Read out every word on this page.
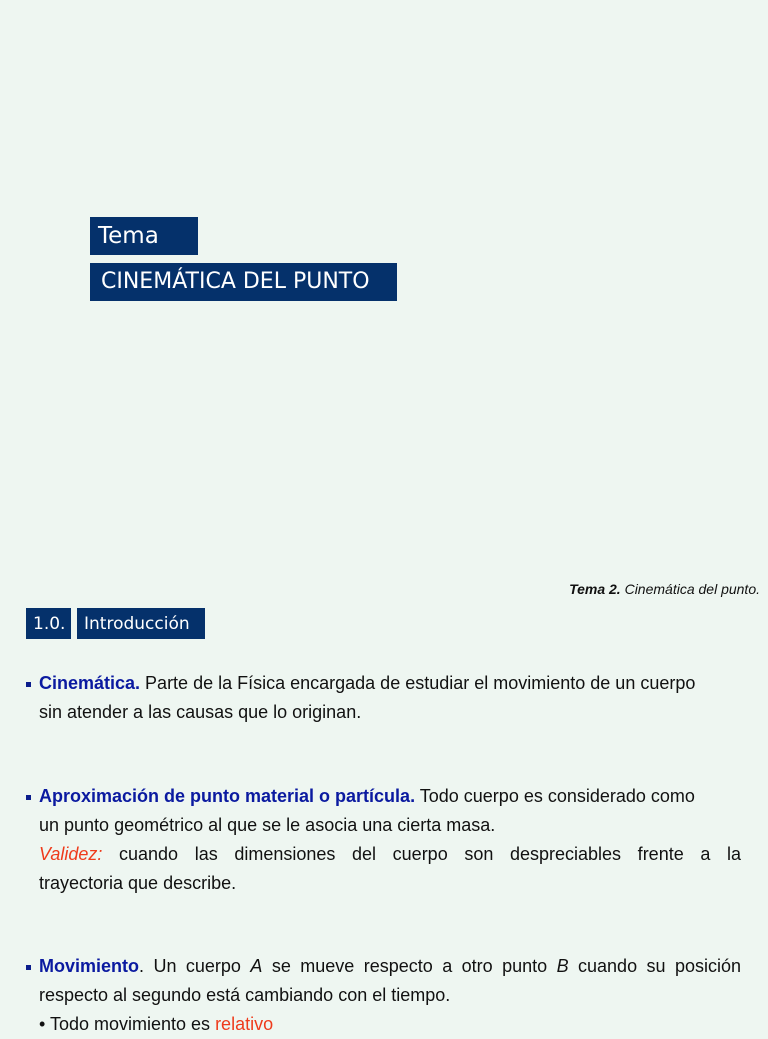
Tema
CINEMÁTICA DEL PUNTO
Tema 2. Cinemática del punto.
1.0. Introducción
Cinemática. Parte de la Física encargada de estudiar el movimiento de un cuerpo
sin atender a las causas que lo originan.
Aproximación de punto material o partícula. Todo cuerpo es considerado como
un punto geométrico al que se le asocia una cierta masa.
Validez: cuando las dimensiones del cuerpo son despreciables frente a la
trayectoria que describe.
Movimiento. Un cuerpo A se mueve respecto a otro punto B cuando su posición
respecto al segundo está cambiando con el tiempo.
• Todo movimiento es relativo
